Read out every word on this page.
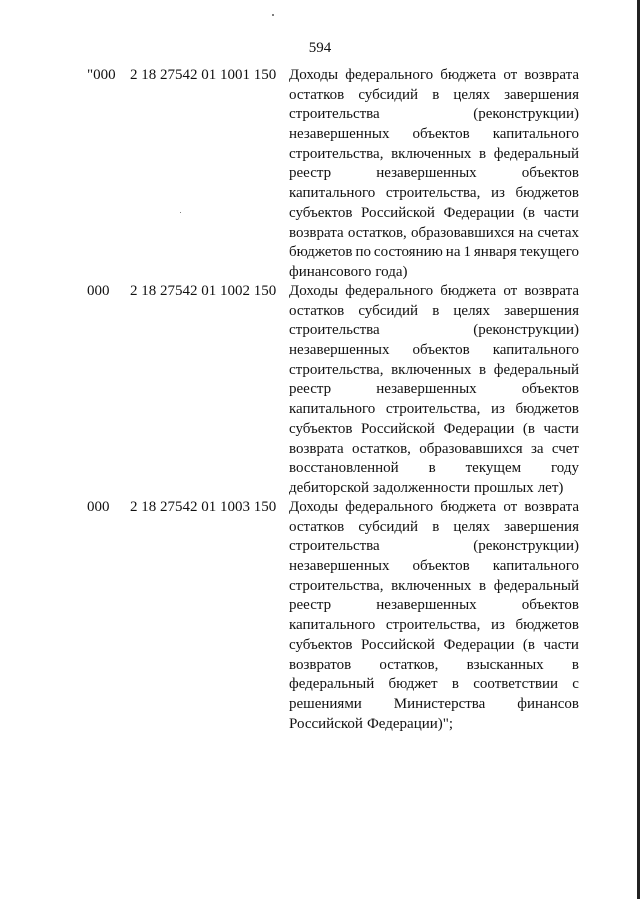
594
"000 2 18 27542 01 1001 150 Доходы федерального бюджета от возврата
остатков субсидий в целях завершения
строительства	(реконструкции)
незавершенных объектов капитального
строительства, включенных в федеральный
реестр	незавершенных	объектов
капитального строительства, из бюджетов
субъектов Российской Федерации (в части
возврата остатков, образовавшихся на счетах
бюджетов по состоянию на 1 января текущего
финансового года)
000 2 18 27542 01 1002 150 Доходы федерального бюджета от возврата
остатков субсидий в целях завершения
строительства	(реконструкции)
незавершенных объектов капитального
строительства, включенных в федеральный
реестр	незавершенных	объектов
капитального строительства, из бюджетов
субъектов Российской Федерации (в части
возврата остатков, образовавшихся за счет
восстановленной в текущем году
дебиторской задолженности прошлых лет)
000 2 18 27542 01 1003 150 Доходы федерального бюджета от возврата
остатков субсидий в целях завершения
строительства	(реконструкции)
незавершенных объектов капитального
строительства, включенных в федеральный
реестр	незавершенных	объектов
капитального строительства, из бюджетов
субъектов Российской Федерации (в части
возвратов остатков, взысканных в
федеральный бюджет в соответствии с
решениями Министерства финансов
Российской Федерации)";
